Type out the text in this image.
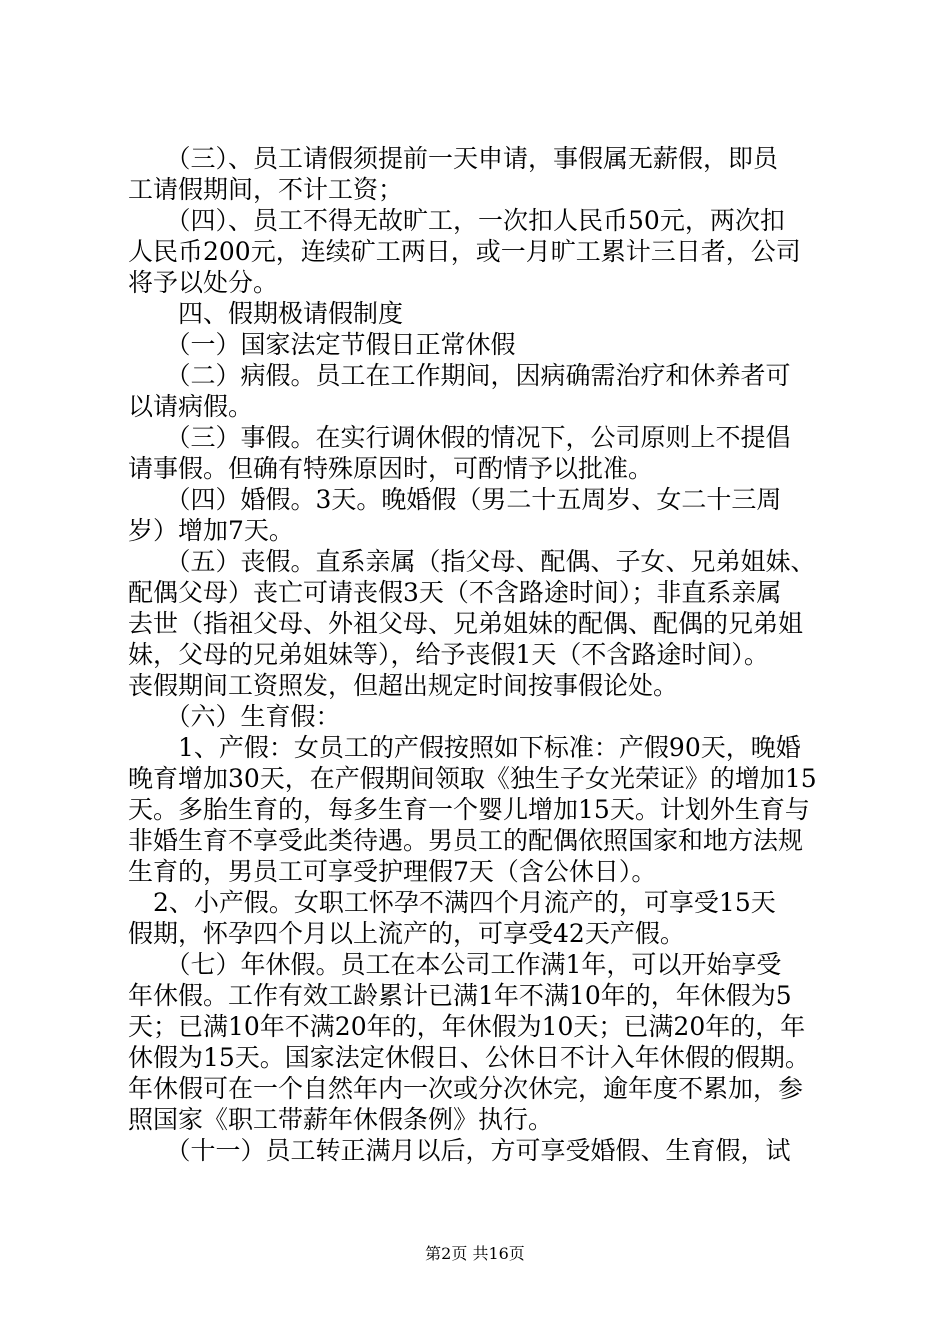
　　（三）、员工请假须提前一天申请，事假属无薪假，即员
工请假期间，不计工资；
　　（四）、员工不得无故旷工，一次扣人民币50元，两次扣
人民币200元，连续矿工两日，或一月旷工累计三日者，公司
将予以处分。
　　四、假期极请假制度
　　（一）国家法定节假日正常休假
　　（二）病假。员工在工作期间，因病确需治疗和休养者可
以请病假。
　　（三）事假。在实行调休假的情况下，公司原则上不提倡
请事假。但确有特殊原因时，可酌情予以批准。
　　（四）婚假。3天。晚婚假（男二十五周岁、女二十三周
岁）增加7天。
　　（五）丧假。直系亲属（指父母、配偶、子女、兄弟姐妹、
配偶父母）丧亡可请丧假3天（不含路途时间）；非直系亲属
去世（指祖父母、外祖父母、兄弟姐妹的配偶、配偶的兄弟姐
妹，父母的兄弟姐妹等），给予丧假1天（不含路途时间）。
丧假期间工资照发，但超出规定时间按事假论处。
　　（六）生育假：
　　1、产假：女员工的产假按照如下标准：产假90天，晚婚
晚育增加30天，在产假期间领取《独生子女光荣证》的增加15
天。多胎生育的，每多生育一个婴儿增加15天。计划外生育与
非婚生育不享受此类待遇。男员工的配偶依照国家和地方法规
生育的，男员工可享受护理假7天（含公休日）。
　2、小产假。女职工怀孕不满四个月流产的，可享受15天
假期，怀孕四个月以上流产的，可享受42天产假。
　　（七）年休假。员工在本公司工作满1年，可以开始享受
年休假。工作有效工龄累计已满1年不满10年的，年休假为5
天；已满10年不满20年的，年休假为10天；已满20年的，年
休假为15天。国家法定休假日、公休日不计入年休假的假期。
年休假可在一个自然年内一次或分次休完，逾年度不累加，参
照国家《职工带薪年休假条例》执行。
　　（十一）员工转正满月以后，方可享受婚假、生育假，试
第2页 共16页
